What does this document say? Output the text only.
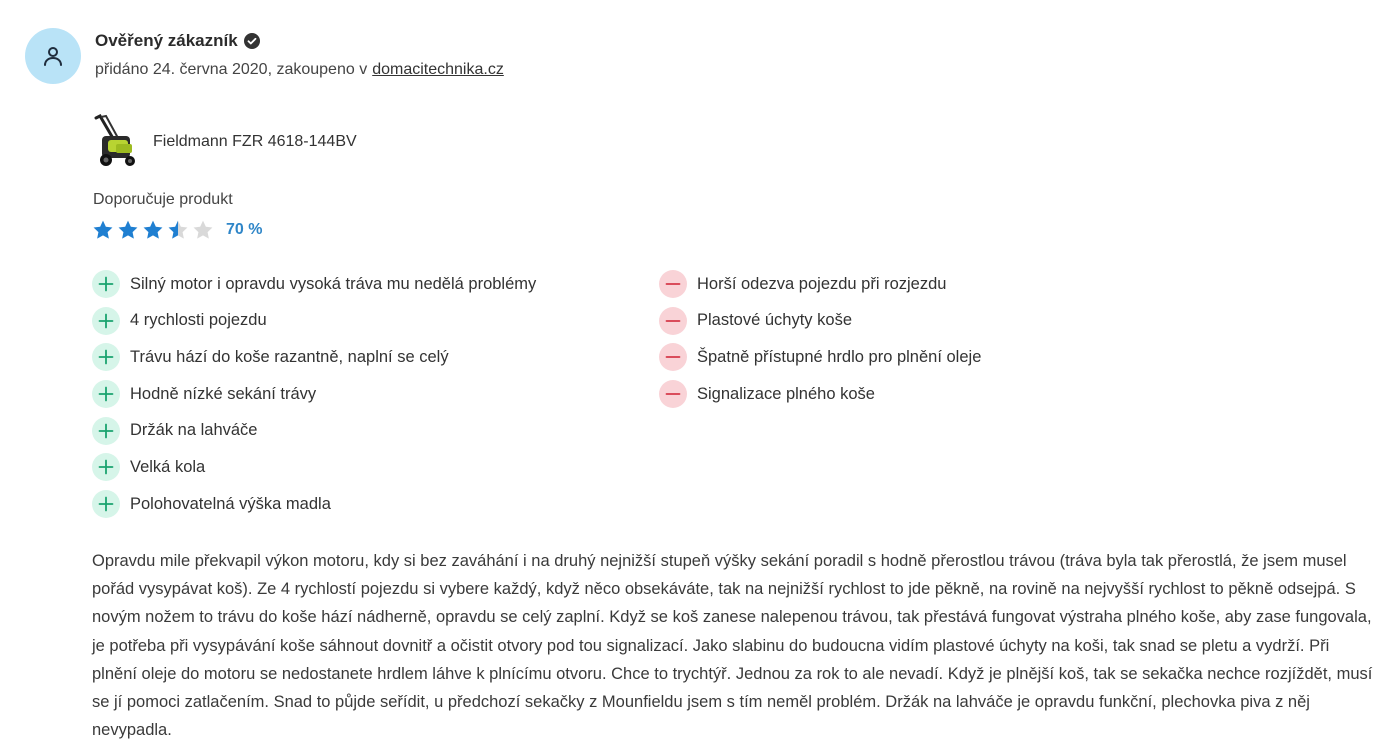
Ověřený zákazník
přidáno 24. června 2020, zakoupeno v domacitechnika.cz
Fieldmann FZR 4618-144BV
Doporučuje produkt
70 %
Silný motor i opravdu vysoká tráva mu nedělá problémy
4 rychlosti pojezdu
Trávu hází do koše razantně, naplní se celý
Hodně nízké sekání trávy
Držák na lahváče
Velká kola
Polohovatelná výška madla
Horší odezva pojezdu při rozjezdu
Plastové úchyty koše
Špatně přístupné hrdlo pro plnění oleje
Signalizace plného koše

Opravdu mile překvapil výkon motoru, kdy si bez zaváhání i na druhý nejnižší stupeň výšky sekání poradil s hodně přerostlou trávou (tráva byla tak přerostlá, že jsem musel pořád vysypávat koš). Ze 4 rychlostí pojezdu si vybere každý, když něco obsekáváte, tak na nejnižší rychlost to jde pěkně, na rovině na nejvyšší rychlost to pěkně odsejpá. S novým nožem to trávu do koše hází nádherně, opravdu se celý zaplní. Když se koš zanese nalepenou trávou, tak přestává fungovat výstraha plného koše, aby zase fungovala, je potřeba při vysypávání koše sáhnout dovnitř a očistit otvory pod tou signalizací. Jako slabinu do budoucna vidím plastové úchyty na koši, tak snad se pletu a vydrží. Při plnění oleje do motoru se nedostanete hrdlem láhve k plnícímu otvoru. Chce to trychtýř. Jednou za rok to ale nevadí. Když je plnější koš, tak se sekačka nechce rozjíždět, musí se jí pomoci zatlačením. Snad to půjde seřídit, u předchozí sekačky z Mounfieldu jsem s tím neměl problém. Držák na lahváče je opravdu funkční, plechovka piva z něj nevypadla.
